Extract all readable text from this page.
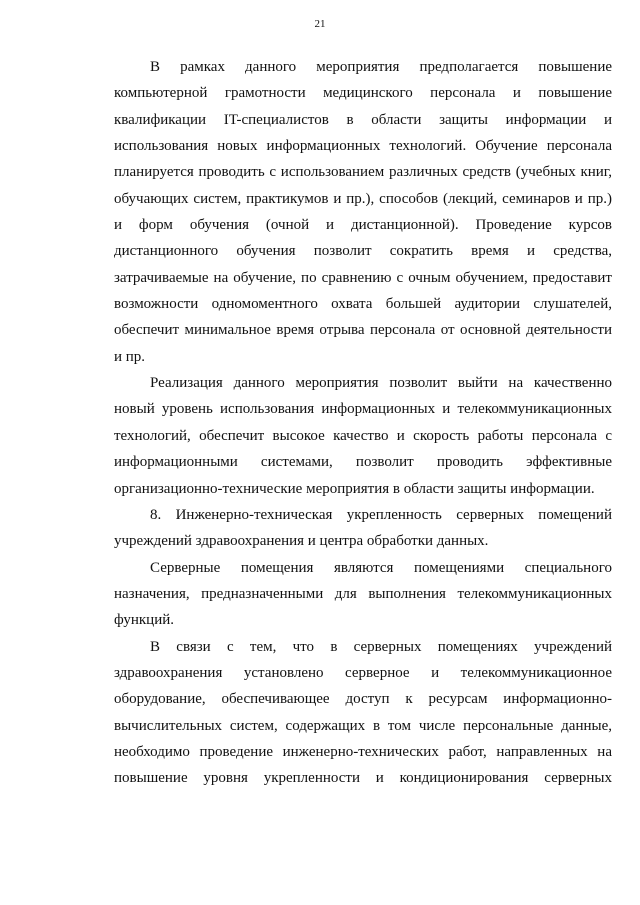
21

В рамках данного мероприятия предполагается повышение компьютерной грамотности медицинского персонала и повышение квалификации IT-специалистов в области защиты информации и использования новых информационных технологий. Обучение персонала планируется проводить с использованием различных средств (учебных книг, обучающих систем, практикумов и пр.), способов (лекций, семинаров и пр.) и форм обучения (очной и дистанционной). Проведение курсов дистанционного обучения позволит сократить время и средства, затрачиваемые на обучение, по сравнению с очным обучением, предоставит возможности одномоментного охвата большей аудитории слушателей, обеспечит минимальное время отрыва персонала от основной деятельности и пр.

Реализация данного мероприятия позволит выйти на качественно новый уровень использования информационных и телекоммуникационных технологий, обеспечит высокое качество и скорость работы персонала с информационными системами, позволит проводить эффективные организационно-технические мероприятия в области защиты информации.

8. Инженерно-техническая укрепленность серверных помещений учреждений здравоохранения и центра обработки данных.

Серверные помещения являются помещениями специального назначения, предназначенными для выполнения телекоммуникационных функций.

В связи с тем, что в серверных помещениях учреждений здравоохранения установлено серверное и телекоммуникационное оборудование, обеспечивающее доступ к ресурсам информационно-вычислительных систем, содержащих в том числе персональные данные, необходимо проведение инженерно-технических работ, направленных на повышение уровня укрепленности и кондиционирования серверных
